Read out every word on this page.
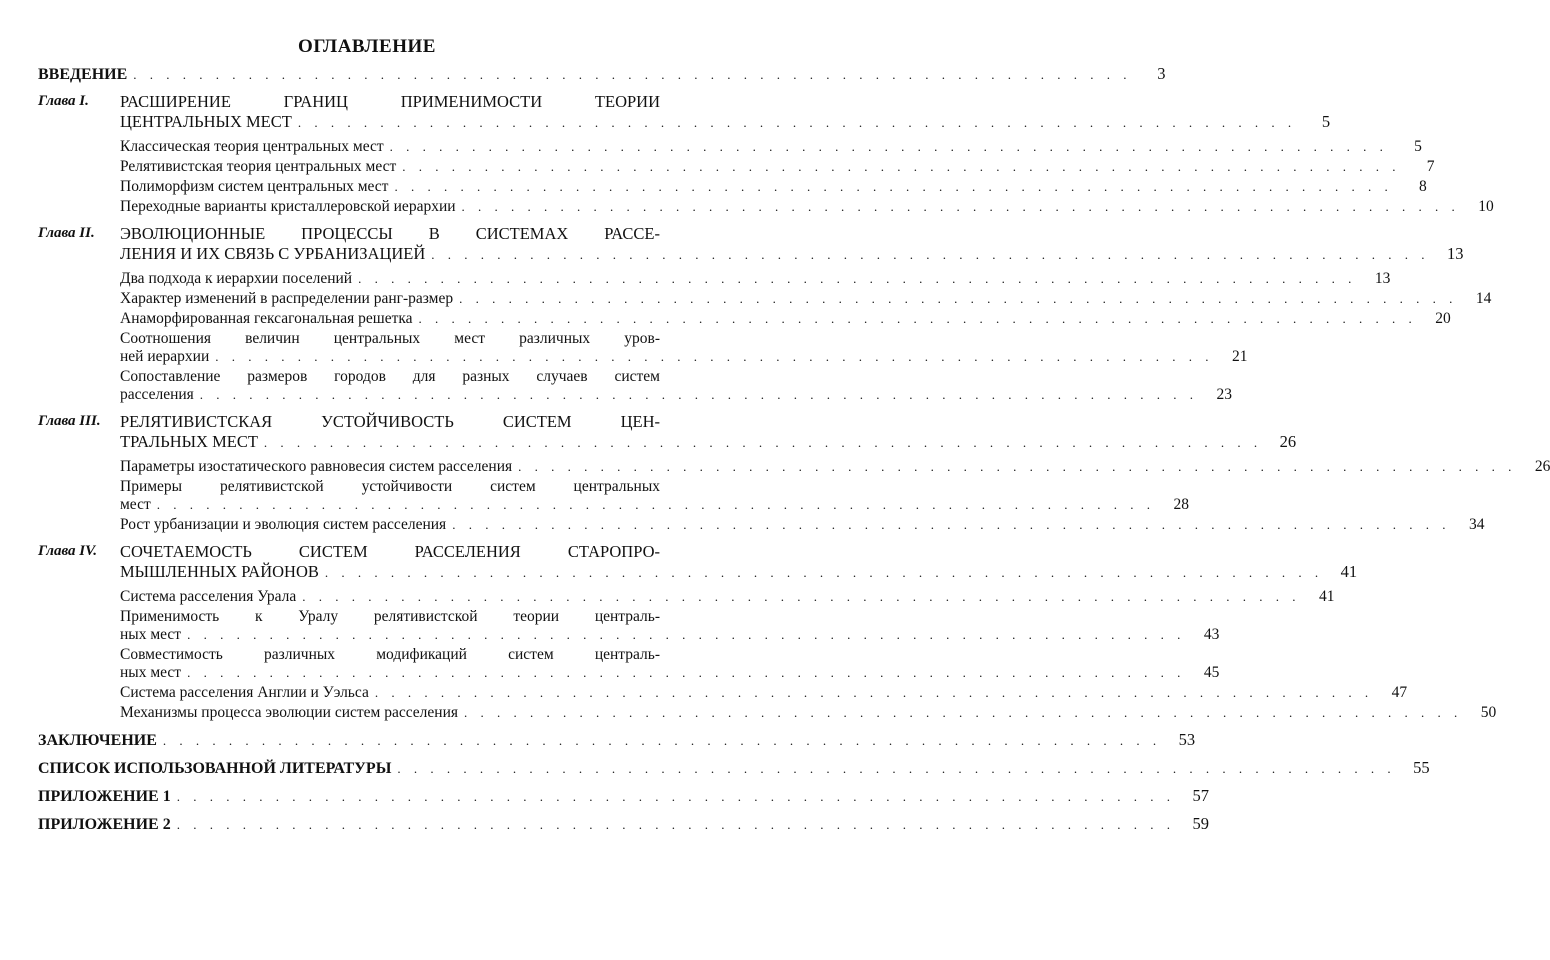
ОГЛАВЛЕНИЕ
ВВЕДЕНИЕ . . . . . . . . . . . . . . . . . . . . . . . . . . . . . . . . . . . . . . . . . . . . . . . . . . . . . . . . . . . . .	3
Глава I. РАСШИРЕНИЕ ГРАНИЦ ПРИМЕНИМОСТИ ТЕОРИИ
ЦЕНТРАЛЬНЫХ МЕСТ . . . . . . . . . . . . . . . . . . . . . . . . . . . . . . . . . . . . . . . . . . . . . . . . . . . . . . . . . . . . .	5
Классическая теория центральных мест . . . . . . . . . . . . . . . . . . . . . . . . . . . . . . . . . . . . . . . . . . . . . . . . . . . . . . . . . . . . .	5
Релятивистская теория центральных мест . . . . . . . . . . . . . . . . . . . . . . . . . . . . . . . . . . . . . . . . . . . . . . . . . . . . . . . . . . . . .	7
Полиморфизм систем центральных мест . . . . . . . . . . . . . . . . . . . . . . . . . . . . . . . . . . . . . . . . . . . . . . . . . . . . . . . . . . . . .	8
Переходные варианты кристаллеровской иерархии . . . . . . . . . . . . . . . . . . . . . . . . . . . . . . . . . . . . . . . . . . . . . . . . . . . . . . . . . . . . .	10
Глава II. ЭВОЛЮЦИОННЫЕ ПРОЦЕССЫ В СИСТЕМАХ РАССЕ-
ЛЕНИЯ И ИХ СВЯЗЬ С УРБАНИЗАЦИЕЙ . . . . . . . . . . . . . . . . . . . . . . . . . . . . . . . . . . . . . . . . . . . . . . . . . . . . . . . . . . . . .	13
Два подхода к иерархии поселений . . . . . . . . . . . . . . . . . . . . . . . . . . . . . . . . . . . . . . . . . . . . . . . . . . . . . . . . . . . . .	13
Характер изменений в распределении ранг-размер . . . . . . . . . . . . . . . . . . . . . . . . . . . . . . . . . . . . . . . . . . . . . . . . . . . . . . . . . . . . .	14
Анаморфированная гексагональная решетка . . . . . . . . . . . . . . . . . . . . . . . . . . . . . . . . . . . . . . . . . . . . . . . . . . . . . . . . . . . . .	20
Соотношения величин центральных мест различных уров-
ней иерархии . . . . . . . . . . . . . . . . . . . . . . . . . . . . . . . . . . . . . . . . . . . . . . . . . . . . . . . . . . . . .	21
Сопоставление размеров городов для разных случаев систем
расселения . . . . . . . . . . . . . . . . . . . . . . . . . . . . . . . . . . . . . . . . . . . . . . . . . . . . . . . . . . . . .	23
Глава III. РЕЛЯТИВИСТСКАЯ УСТОЙЧИВОСТЬ СИСТЕМ ЦЕН-
ТРАЛЬНЫХ МЕСТ . . . . . . . . . . . . . . . . . . . . . . . . . . . . . . . . . . . . . . . . . . . . . . . . . . . . . . . . . . . . .	26
Параметры изостатического равновесия систем расселения . . . . . . . . . . . . . . . . . . . . . . . . . . . . . . . . . . . . . . . . . . . . . . . . . . . . . . . . . . . . .	26
Примеры релятивистской устойчивости систем центральных
мест . . . . . . . . . . . . . . . . . . . . . . . . . . . . . . . . . . . . . . . . . . . . . . . . . . . . . . . . . . . . .	28
Рост урбанизации и эволюция систем расселения . . . . . . . . . . . . . . . . . . . . . . . . . . . . . . . . . . . . . . . . . . . . . . . . . . . . . . . . . . . . .	34
Глава IV. СОЧЕТАЕМОСТЬ СИСТЕМ РАССЕЛЕНИЯ СТАРОПРО-
МЫШЛЕННЫХ РАЙОНОВ . . . . . . . . . . . . . . . . . . . . . . . . . . . . . . . . . . . . . . . . . . . . . . . . . . . . . . . . . . . . .	41
Система расселения Урала . . . . . . . . . . . . . . . . . . . . . . . . . . . . . . . . . . . . . . . . . . . . . . . . . . . . . . . . . . . . .	41
Применимость к Уралу релятивистской теории централь-
ных мест . . . . . . . . . . . . . . . . . . . . . . . . . . . . . . . . . . . . . . . . . . . . . . . . . . . . . . . . . . . . .	43
Совместимость различных модификаций систем централь-
ных мест . . . . . . . . . . . . . . . . . . . . . . . . . . . . . . . . . . . . . . . . . . . . . . . . . . . . . . . . . . . . .	45
Система расселения Англии и Уэльса . . . . . . . . . . . . . . . . . . . . . . . . . . . . . . . . . . . . . . . . . . . . . . . . . . . . . . . . . . . . .	47
Механизмы процесса эволюции систем расселения . . . . . . . . . . . . . . . . . . . . . . . . . . . . . . . . . . . . . . . . . . . . . . . . . . . . . . . . . . . . .	50
ЗАКЛЮЧЕНИЕ . . . . . . . . . . . . . . . . . . . . . . . . . . . . . . . . . . . . . . . . . . . . . . . . . . . . . . . . . . . . .	53
СПИСОК ИСПОЛЬЗОВАННОЙ ЛИТЕРАТУРЫ . . . . . . . . . . . . . . . . . . . . . . . . . . . . . . . . . . . . . . . . . . . . . . . . . . . . . . . . . . . . .	55
ПРИЛОЖЕНИЕ 1 . . . . . . . . . . . . . . . . . . . . . . . . . . . . . . . . . . . . . . . . . . . . . . . . . . . . . . . . . . . . .	57
ПРИЛОЖЕНИЕ 2 . . . . . . . . . . . . . . . . . . . . . . . . . . . . . . . . . . . . . . . . . . . . . . . . . . . . . . . . . . . . .	59
